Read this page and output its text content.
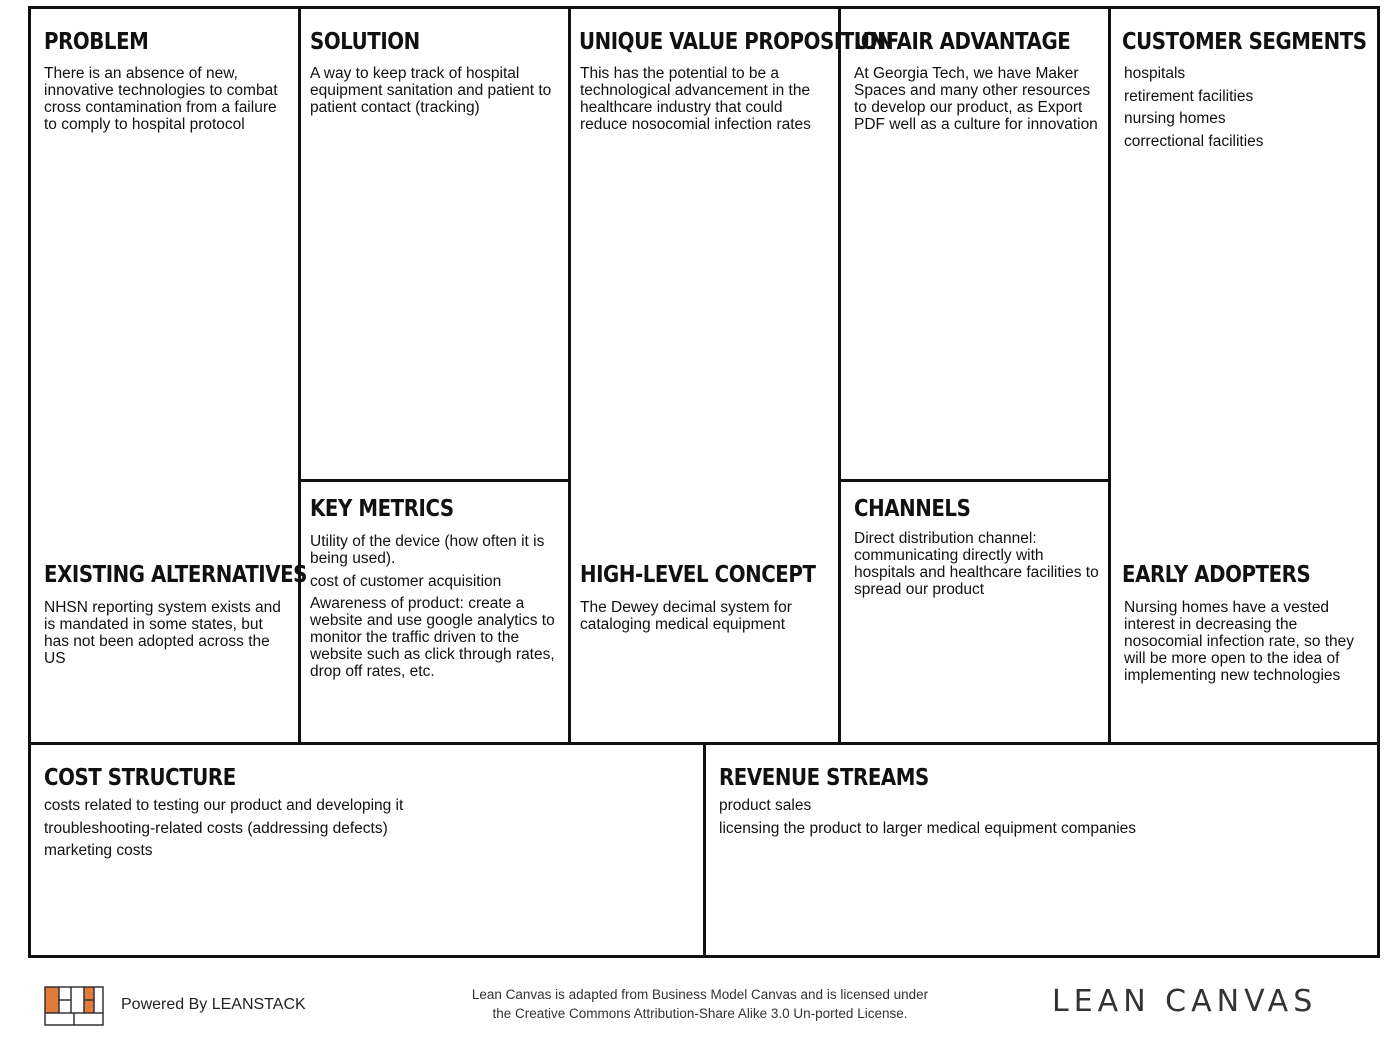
PROBLEM

There is an absence of new, innovative technologies to combat cross contamination from a failure to comply to hospital protocol

EXISTING ALTERNATIVES

NHSN reporting system exists and is mandated in some states, but has not been adopted across the US

SOLUTION

A way to keep track of hospital equipment sanitation and patient to patient contact (tracking)

KEY METRICS
Utility of the device (how often it is being used).
cost of customer acquisition
Awareness of product: create a website and use google analytics to monitor the traffic driven to the website such as click through rates, drop off rates, etc.
UNIQUE VALUE PROPOSITION

This has the potential to be a technological advancement in the healthcare industry that could reduce nosocomial infection rates

HIGH-LEVEL CONCEPT

The Dewey decimal system for cataloging medical equipment

UNFAIR ADVANTAGE

At Georgia Tech, we have Maker Spaces and many other resources to develop our product, as Export PDF well as a culture for innovation

CHANNELS

Direct distribution channel: communicating directly with hospitals and healthcare facilities to spread our product

CUSTOMER SEGMENTS
hospitals
retirement facilities
nursing homes
correctional facilities
EARLY ADOPTERS

Nursing homes have a vested interest in decreasing the nosocomial infection rate, so they will be more open to the idea of implementing new technologies

COST STRUCTURE
costs related to testing our product and developing it
troubleshooting-related costs (addressing defects)
marketing costs
REVENUE STREAMS
product sales
licensing the product to larger medical equipment companies
Powered By LEANSTACK
Lean Canvas is adapted from Business Model Canvas and is licensed under
the Creative Commons Attribution-Share Alike 3.0 Un-ported License.	LEAN CANVAS
